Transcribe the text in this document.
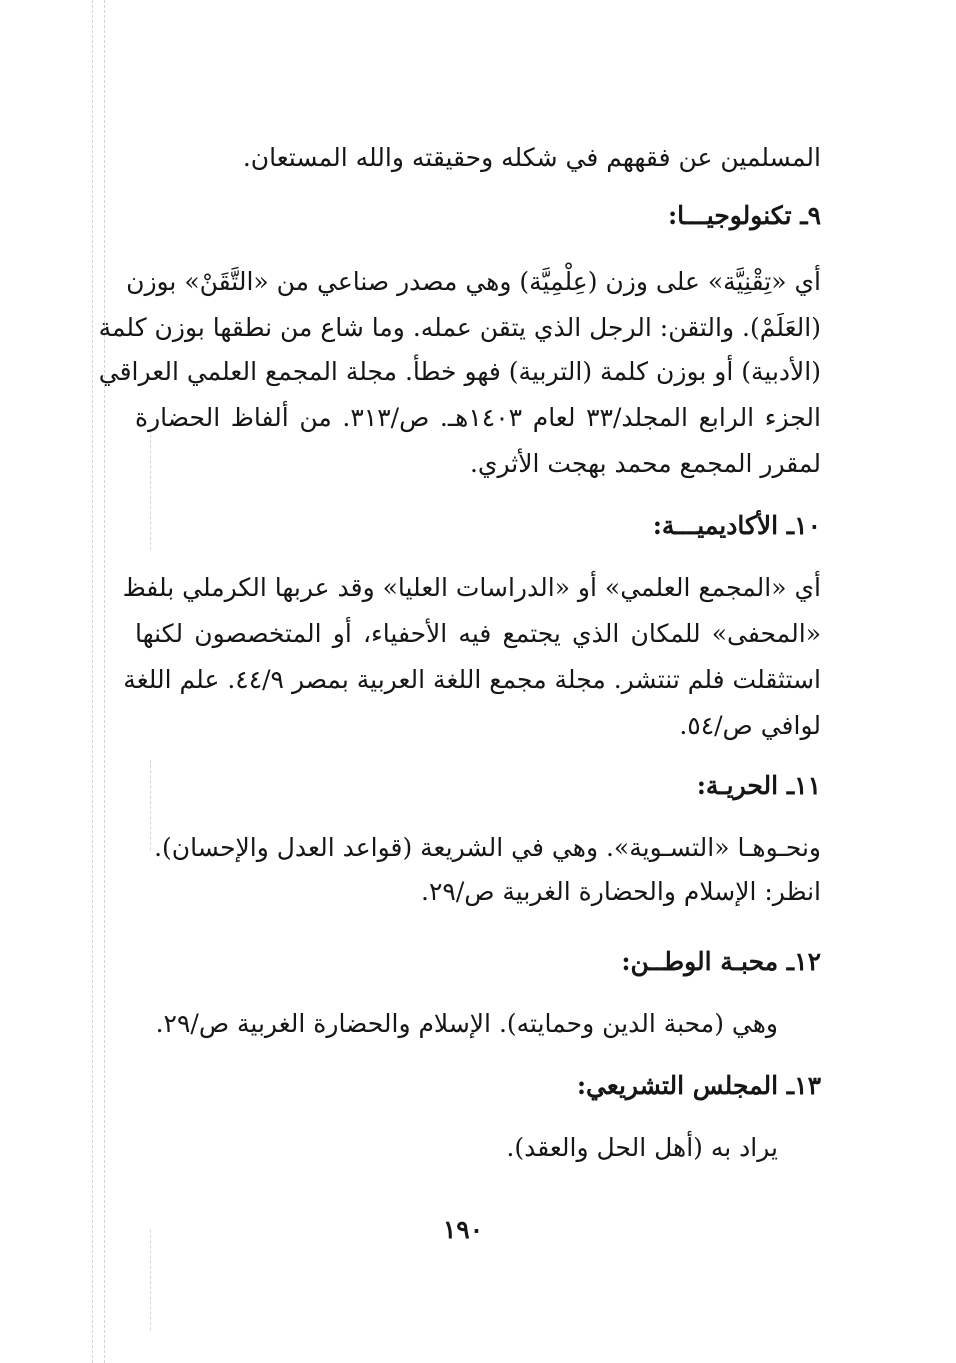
المسلمين عن فقههم في شكله وحقيقته والله المستعان.
٩ـ تكنولوجيـــا:
أي «تِقْنِيَّة» على وزن (عِلْمِيَّة) وهي مصدر صناعي من «التَّقَنْ» بوزن
(العَلَمْ). والتقن: الرجل الذي يتقن عمله. وما شاع من نطقها بوزن كلمة
(الأدبية) أو بوزن كلمة (التربية) فهو خطأ. مجلة المجمع العلمي العراقي
الجزء الرابع المجلد/٣٣ لعام ١٤٠٣هـ. ص/٣١٣. من ألفاظ الحضارة
لمقرر المجمع محمد بهجت الأثري.
١٠ـ الأكاديميـــة:
أي «المجمع العلمي» أو «الدراسات العليا» وقد عربها الكرملي بلفظ
«المحفى» للمكان الذي يجتمع فيه الأحفياء، أو المتخصصون لكنها
استثقلت فلم تنتشر. مجلة مجمع اللغة العربية بمصر ٤٤/٩. علم اللغة
لوافي ص/٥٤.
١١ـ الحريـة:
ونحـوهـا «التسـوية». وهي في الشريعة (قواعد العدل والإحسان).
انظر: الإسلام والحضارة الغربية ص/٢٩.
١٢ـ محبـة الوطــن:
وهي (محبة الدين وحمايته). الإسلام والحضارة الغربية ص/٢٩.
١٣ـ المجلس التشريعي:
يراد به (أهل الحل والعقد).
١٩٠
